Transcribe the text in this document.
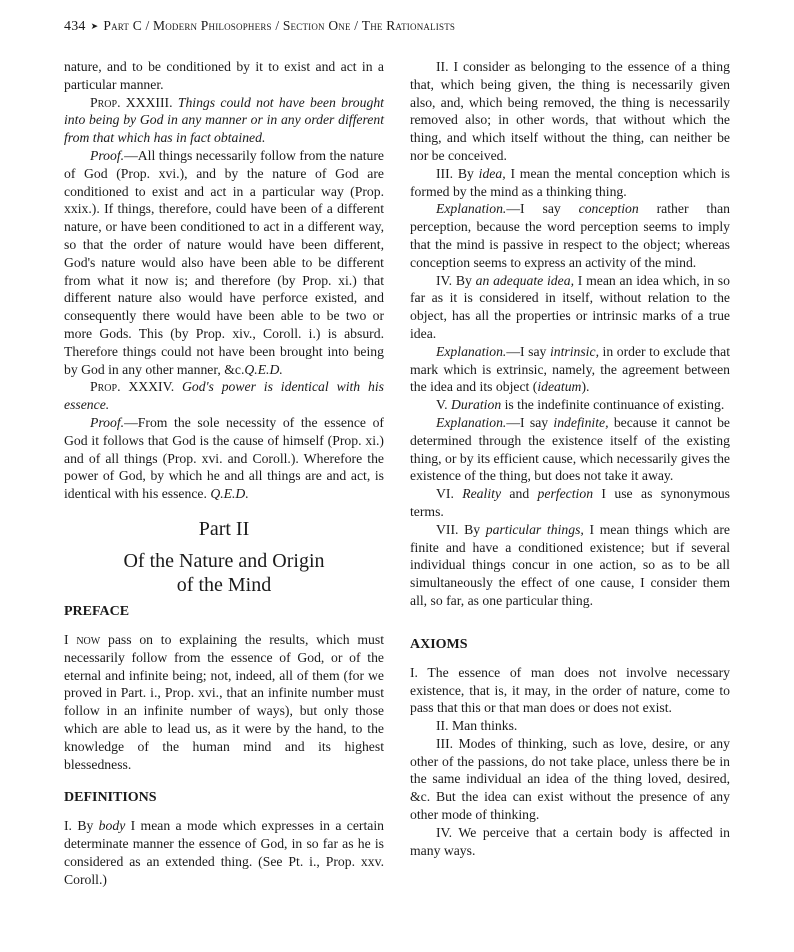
434 ➤ Part C / Modern Philosophers / Section One / The Rationalists

nature, and to be conditioned by it to exist and act in a particular manner.

Prop. XXXIII. Things could not have been brought into being by God in any manner or in any order different from that which has in fact obtained.

Proof.—All things necessarily follow from the nature of God (Prop. xvi.), and by the nature of God are conditioned to exist and act in a particular way (Prop. xxix.). If things, therefore, could have been of a different nature, or have been conditioned to act in a different way, so that the order of nature would have been different, God's nature would also have been able to be different from what it now is; and therefore (by Prop. xi.) that different nature also would have perforce existed, and consequently there would have been able to be two or more Gods. This (by Prop. xiv., Coroll. i.) is absurd. Therefore things could not have been brought into being by God in any other manner, &c.Q.E.D.

Prop. XXXIV. God's power is identical with his essence.

Proof.—From the sole necessity of the essence of God it follows that God is the cause of himself (Prop. xi.) and of all things (Prop. xvi. and Coroll.). Wherefore the power of God, by which he and all things are and act, is identical with his essence. Q.E.D.

Part II
Of the Nature and Origin
of the Mind
PREFACE

I now pass on to explaining the results, which must necessarily follow from the essence of God, or of the eternal and infinite being; not, indeed, all of them (for we proved in Part. i., Prop. xvi., that an infinite number must follow in an infinite number of ways), but only those which are able to lead us, as it were by the hand, to the knowledge of the human mind and its highest blessedness.

DEFINITIONS

I. By body I mean a mode which expresses in a certain determinate manner the essence of God, in so far as he is considered as an extended thing. (See Pt. i., Prop. xxv. Coroll.)

II. I consider as belonging to the essence of a thing that, which being given, the thing is necessarily given also, and, which being removed, the thing is necessarily removed also; in other words, that without which the thing, and which itself without the thing, can neither be nor be conceived.

III. By idea, I mean the mental conception which is formed by the mind as a thinking thing.

Explanation.—I say conception rather than perception, because the word perception seems to imply that the mind is passive in respect to the object; whereas conception seems to express an activity of the mind.

IV. By an adequate idea, I mean an idea which, in so far as it is considered in itself, without relation to the object, has all the properties or intrinsic marks of a true idea.

Explanation.—I say intrinsic, in order to exclude that mark which is extrinsic, namely, the agreement between the idea and its object (ideatum).

V. Duration is the indefinite continuance of existing.

Explanation.—I say indefinite, because it cannot be determined through the existence itself of the existing thing, or by its efficient cause, which necessarily gives the existence of the thing, but does not take it away.

VI. Reality and perfection I use as synonymous terms.

VII. By particular things, I mean things which are finite and have a conditioned existence; but if several individual things concur in one action, so as to be all simultaneously the effect of one cause, I consider them all, so far, as one particular thing.

AXIOMS

I. The essence of man does not involve necessary existence, that is, it may, in the order of nature, come to pass that this or that man does or does not exist.

II. Man thinks.

III. Modes of thinking, such as love, desire, or any other of the passions, do not take place, unless there be in the same individual an idea of the thing loved, desired, &c. But the idea can exist without the presence of any other mode of thinking.

IV. We perceive that a certain body is affected in many ways.
